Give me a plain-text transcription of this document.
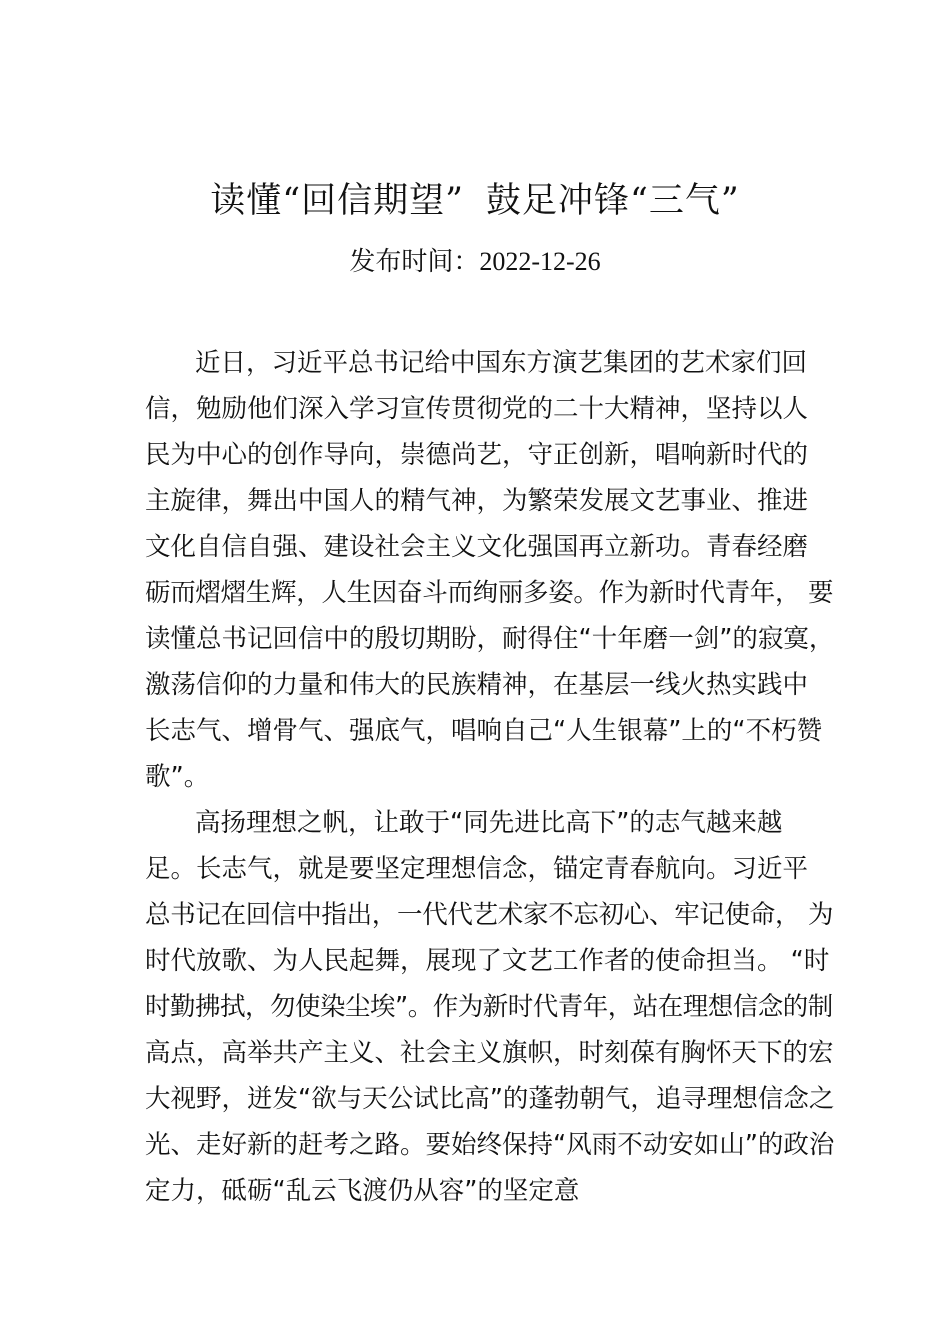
读懂“回信期望” 鼓足冲锋“三气”
发布时间：2022-12-26
近日，习近平总书记给中国东方演艺集团的艺术家们回
信，勉励他们深入学习宣传贯彻党的二十大精神，坚持以人
民为中心的创作导向，崇德尚艺，守正创新，唱响新时代的
主旋律，舞出中国人的精气神，为繁荣发展文艺事业、推进
文化自信自强、建设社会主义文化强国再立新功。青春经磨
砺而熠熠生辉，人生因奋斗而绚丽多姿。作为新时代青年， 要
读懂总书记回信中的殷切期盼，耐得住“十年磨一剑”的寂寞，
激荡信仰的力量和伟大的民族精神，在基层一线火热实践中
长志气、增骨气、强底气，唱响自己“人生银幕”上的“不朽赞
歌”。
高扬理想之帆，让敢于“同先进比高下”的志气越来越
足。长志气，就是要坚定理想信念，锚定青春航向。习近平
总书记在回信中指出，一代代艺术家不忘初心、牢记使命， 为
时代放歌、为人民起舞，展现了文艺工作者的使命担当。 “时
时勤拂拭，勿使染尘埃”。作为新时代青年，站在理想信念的制
高点，高举共产主义、社会主义旗帜，时刻葆有胸怀天下的宏
大视野，迸发“欲与天公试比高”的蓬勃朝气，追寻理想信念之
光、走好新的赶考之路。要始终保持“风雨不动安如山”的政治
定力，砥砺“乱云飞渡仍从容”的坚定意
